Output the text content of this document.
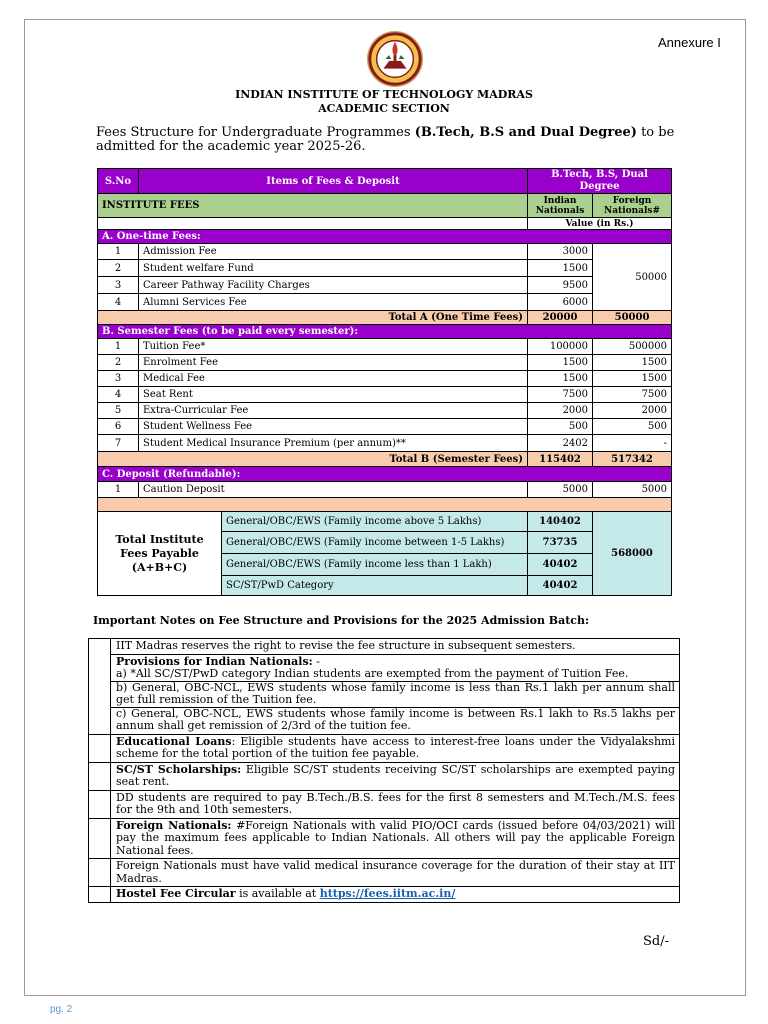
Annexure I
INDIAN INSTITUTE OF TECHNOLOGY MADRAS
ACADEMIC SECTION
Fees Structure for Undergraduate Programmes (B.Tech, B.S and Dual Degree) to be admitted for the academic year 2025-26.
S.No	Items of Fees & Deposit		B.Tech, B.S, Dual Degree	
INSTITUTE FEES			Indian Nationals	Foreign Nationals#
			Value (in Rs.)	
A. One-time Fees:				
1	Admission Fee		3000	50000
2	Student welfare Fund		1500	
3	Career Pathway Facility Charges		9500	
4	Alumni Services Fee		6000	
Total A (One Time Fees)			20000	50000
B. Semester Fees (to be paid every semester):				
1	Tuition Fee*		100000	500000
2	Enrolment Fee		1500	1500
3	Medical Fee		1500	1500
4	Seat Rent		7500	7500
5	Extra-Curricular Fee		2000	2000
6	Student Wellness Fee		500	500
7	Student Medical Insurance Premium (per annum)**		2402	-
Total B (Semester Fees)			115402	517342
C. Deposit (Refundable):				
1	Caution Deposit		5000	5000

Total Institute
Fees Payable
(A+B+C)		General/OBC/EWS (Family income above 5 Lakhs)	140402	568000
		General/OBC/EWS (Family income between 1-5 Lakhs)	73735	
		General/OBC/EWS (Family income less than 1 Lakh)	40402	
		SC/ST/PwD Category	40402	
Important Notes on Fee Structure and Provisions for the 2025 Admission Batch:
	IIT Madras reserves the right to revise the fee structure in subsequent semesters.

	Provisions for Indian Nationals: -
a) *All SC/ST/PwD category Indian students are exempted from the payment of Tuition Fee.
b) General, OBC-NCL, EWS students whose family income is less than Rs.1 lakh per annum shall get full remission of the Tuition fee.
c) General, OBC-NCL, EWS students whose family income is between Rs.1 lakh to Rs.5 lakhs per annum shall get remission of 2/3rd of the tuition fee.

	Educational Loans: Eligible students have access to interest-free loans under the Vidyalakshmi scheme for the total portion of the tuition fee payable.
	SC/ST Scholarships: Eligible SC/ST students receiving SC/ST scholarships are exempted paying seat rent.
	DD students are required to pay B.Tech./B.S. fees for the first 8 semesters and M.Tech./M.S. fees for the 9th and 10th semesters.
	Foreign Nationals: #Foreign Nationals with valid PIO/OCI cards (issued before 04/03/2021) will pay the maximum fees applicable to Indian Nationals. All others will pay the applicable Foreign National fees.
	Foreign Nationals must have valid medical insurance coverage for the duration of their stay at IIT Madras.
	Hostel Fee Circular is available at https://fees.iitm.ac.in/
Sd/-
pg. 2
